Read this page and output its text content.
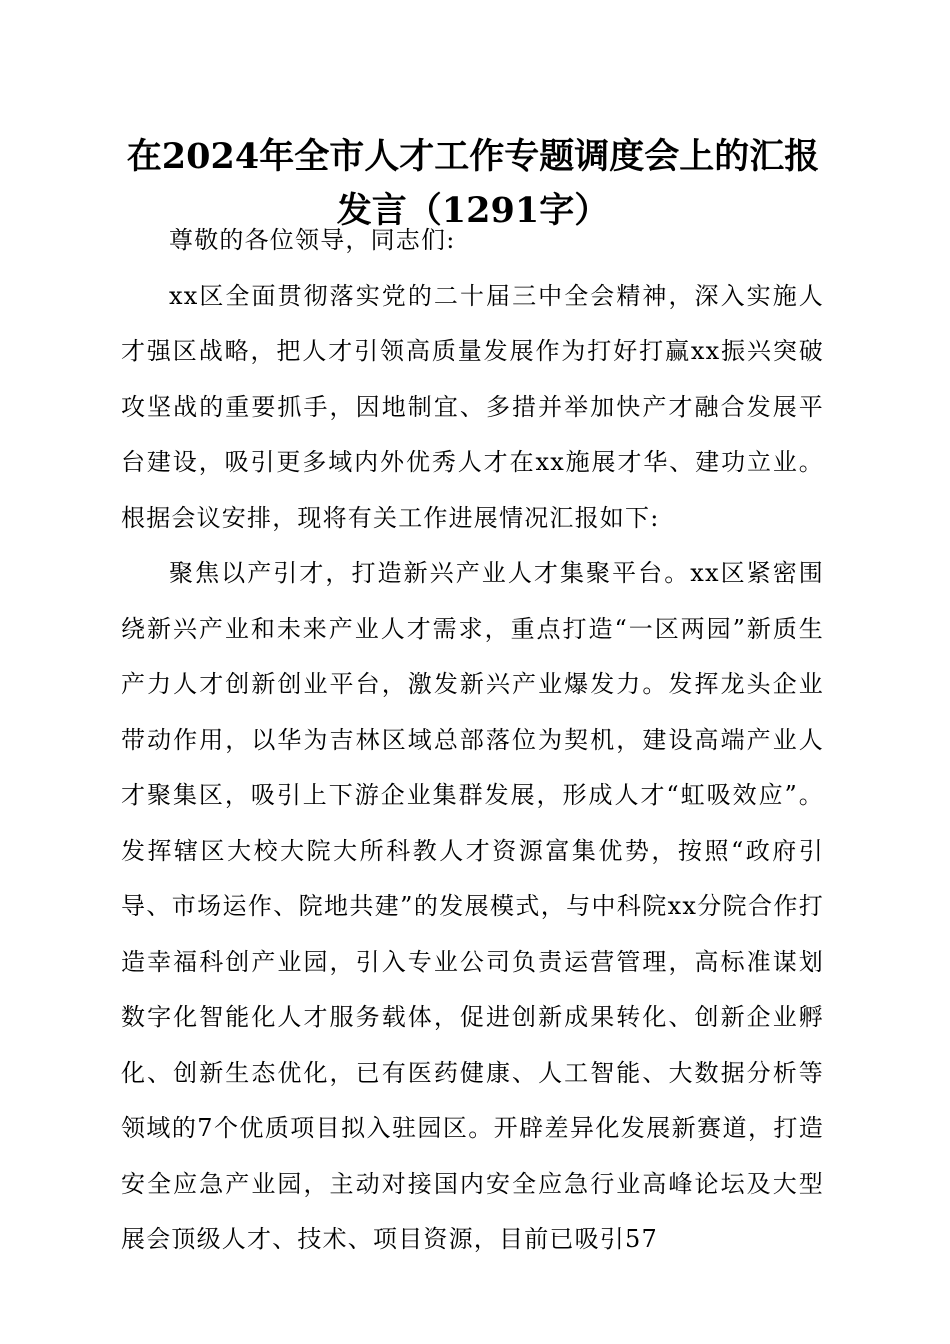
在2024年全市人才工作专题调度会上的汇报
发言（1291字）

尊敬的各位领导，同志们:

xx区全面贯彻落实党的二十届三中全会精神，深入实施人才强区战略，把人才引领高质量发展作为打好打赢xx振兴突破攻坚战的重要抓手，因地制宜、多措并举加快产才融合发展平台建设，吸引更多域内外优秀人才在xx施展才华、建功立业。根据会议安排，现将有关工作进展情况汇报如下:

聚焦以产引才，打造新兴产业人才集聚平台。xx区紧密围绕新兴产业和未来产业人才需求，重点打造“一区两园”新质生产力人才创新创业平台，激发新兴产业爆发力。发挥龙头企业带动作用，以华为吉林区域总部落位为契机，建设高端产业人才聚集区，吸引上下游企业集群发展，形成人才“虹吸效应”。发挥辖区大校大院大所科教人才资源富集优势，按照“政府引导、市场运作、院地共建”的发展模式，与中科院xx分院合作打造幸福科创产业园，引入专业公司负责运营管理，高标准谋划数字化智能化人才服务载体，促进创新成果转化、创新企业孵化、创新生态优化，已有医药健康、人工智能、大数据分析等领域的7个优质项目拟入驻园区。开辟差异化发展新赛道，打造安全应急产业园，主动对接国内安全应急行业高峰论坛及大型展会顶级人才、技术、项目资源，目前已吸引57
